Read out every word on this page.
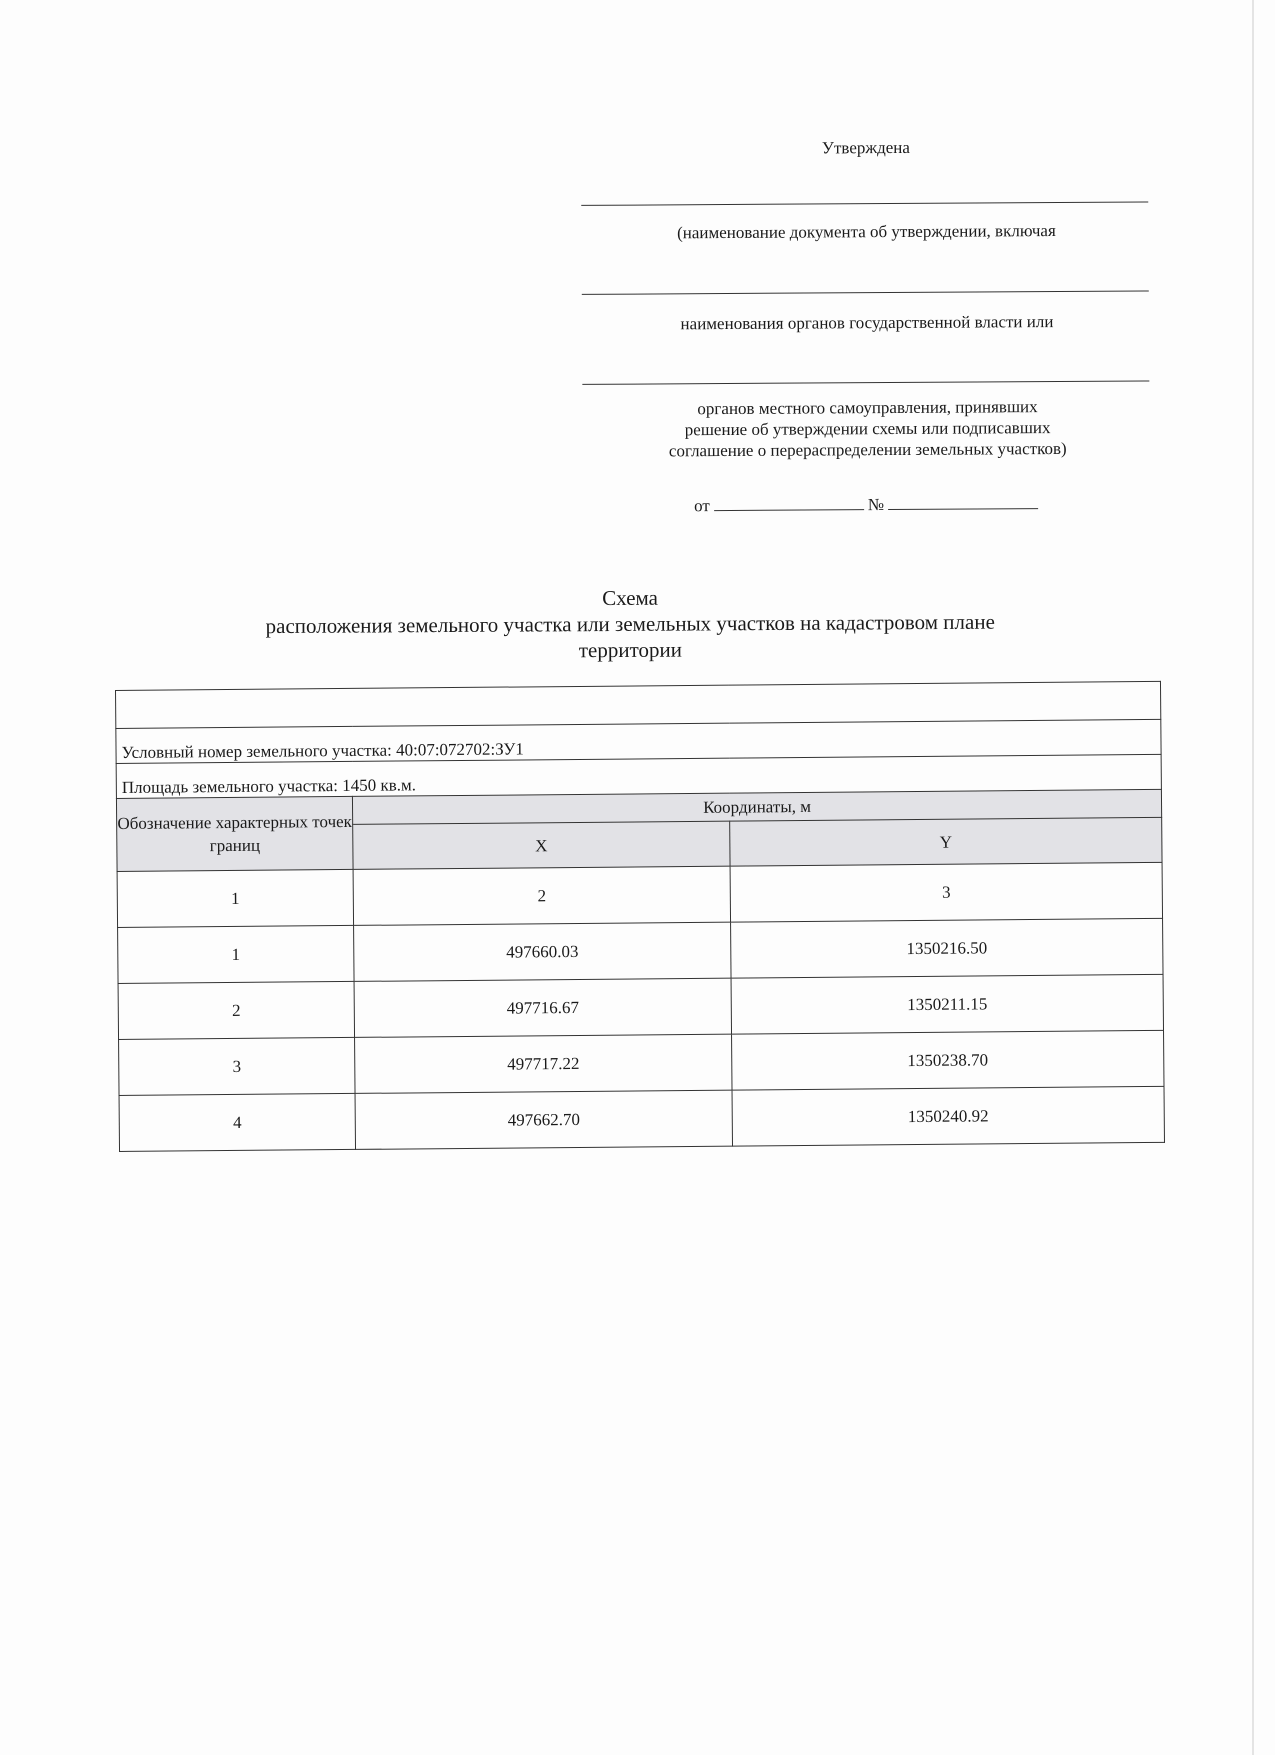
Утверждена
(наименование документа об утверждении, включая
наименования органов государственной власти или
органов местного самоуправления, принявших
решение об утверждении схемы или подписавших
соглашение о перераспределении земельных участков)
от	№
Схема
расположения земельного участка или земельных участков на кадастровом плане
территории

Условный номер земельного участка: 40:07:072702:ЗУ1		
Площадь земельного участка: 1450 кв.м.		
Обозначение характерных точек границ	Координаты, м	
	X	Y
1	2	3
1	497660.03	1350216.50
2	497716.67	1350211.15
3	497717.22	1350238.70
4	497662.70	1350240.92
